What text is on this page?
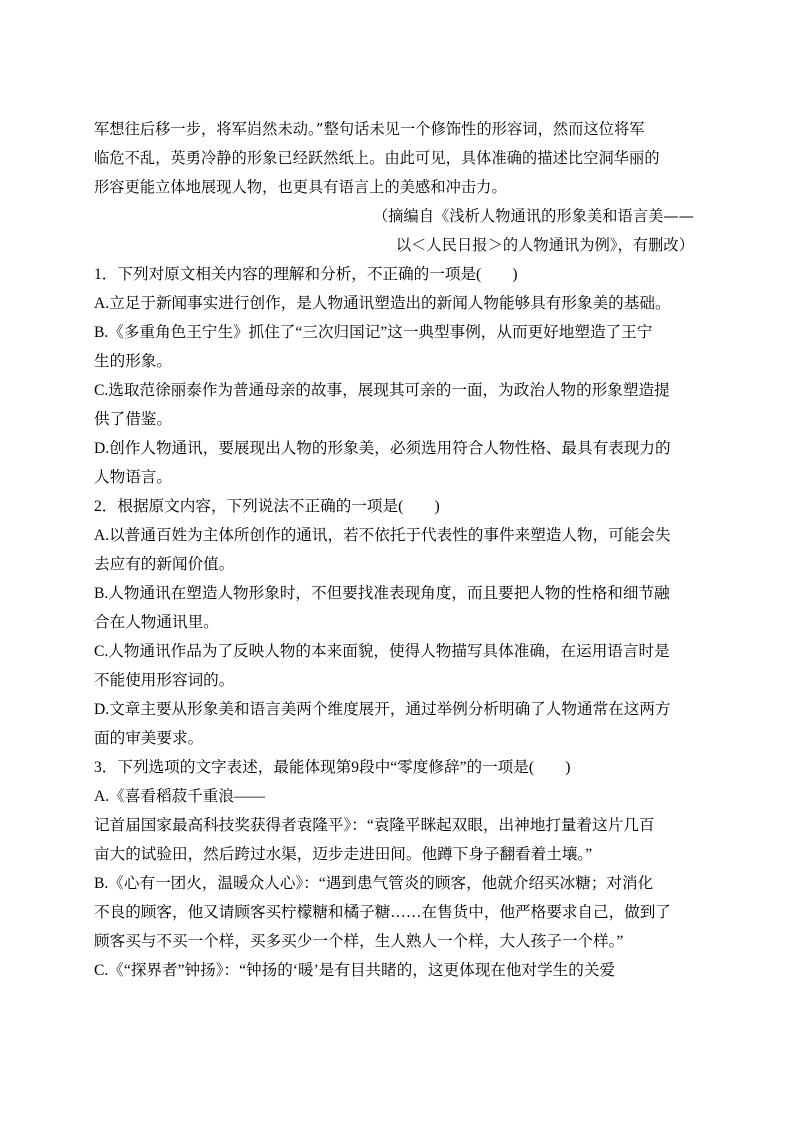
军想往后移一步，将军岿然未动。”整句话未见一个修饰性的形容词，然而这位将军

临危不乱，英勇冷静的形象已经跃然纸上。由此可见，具体准确的描述比空洞华丽的

形容更能立体地展现人物，也更具有语言上的美感和冲击力。

（摘编自《浅析人物通讯的形象美和语言美——

以＜人民日报＞的人物通讯为例》，有删改）

1．下列对原文相关内容的理解和分析，不正确的一项是(　　)

A.立足于新闻事实进行创作，是人物通讯塑造出的新闻人物能够具有形象美的基础。

B.《多重角色王宁生》抓住了“三次归国记”这一典型事例，从而更好地塑造了王宁

生的形象。

C.选取范徐丽泰作为普通母亲的故事，展现其可亲的一面，为政治人物的形象塑造提

供了借鉴。

D.创作人物通讯，要展现出人物的形象美，必须选用符合人物性格、最具有表现力的

人物语言。

2．根据原文内容，下列说法不正确的一项是(　　)

A.以普通百姓为主体所创作的通讯，若不依托于代表性的事件来塑造人物，可能会失

去应有的新闻价值。

B.人物通讯在塑造人物形象时，不但要找准表现角度，而且要把人物的性格和细节融

合在人物通讯里。

C.人物通讯作品为了反映人物的本来面貌，使得人物描写具体准确，在运用语言时是

不能使用形容词的。

D.文章主要从形象美和语言美两个维度展开，通过举例分析明确了人物通常在这两方

面的审美要求。

3．下列选项的文字表述，最能体现第9段中“零度修辞”的一项是(　　)

A.《喜看稻菽千重浪——

记首届国家最高科技奖获得者袁隆平》：“袁隆平眯起双眼，出神地打量着这片几百

亩大的试验田，然后跨过水渠，迈步走进田间。他蹲下身子翻看着土壤。”

B.《心有一团火，温暖众人心》：“遇到患气管炎的顾客，他就介绍买冰糖；对消化

不良的顾客，他又请顾客买柠檬糖和橘子糖……在售货中，他严格要求自己，做到了

顾客买与不买一个样，买多买少一个样，生人熟人一个样，大人孩子一个样。”

C.《“探界者”钟扬》：“钟扬的‘暖’是有目共睹的，这更体现在他对学生的关爱
